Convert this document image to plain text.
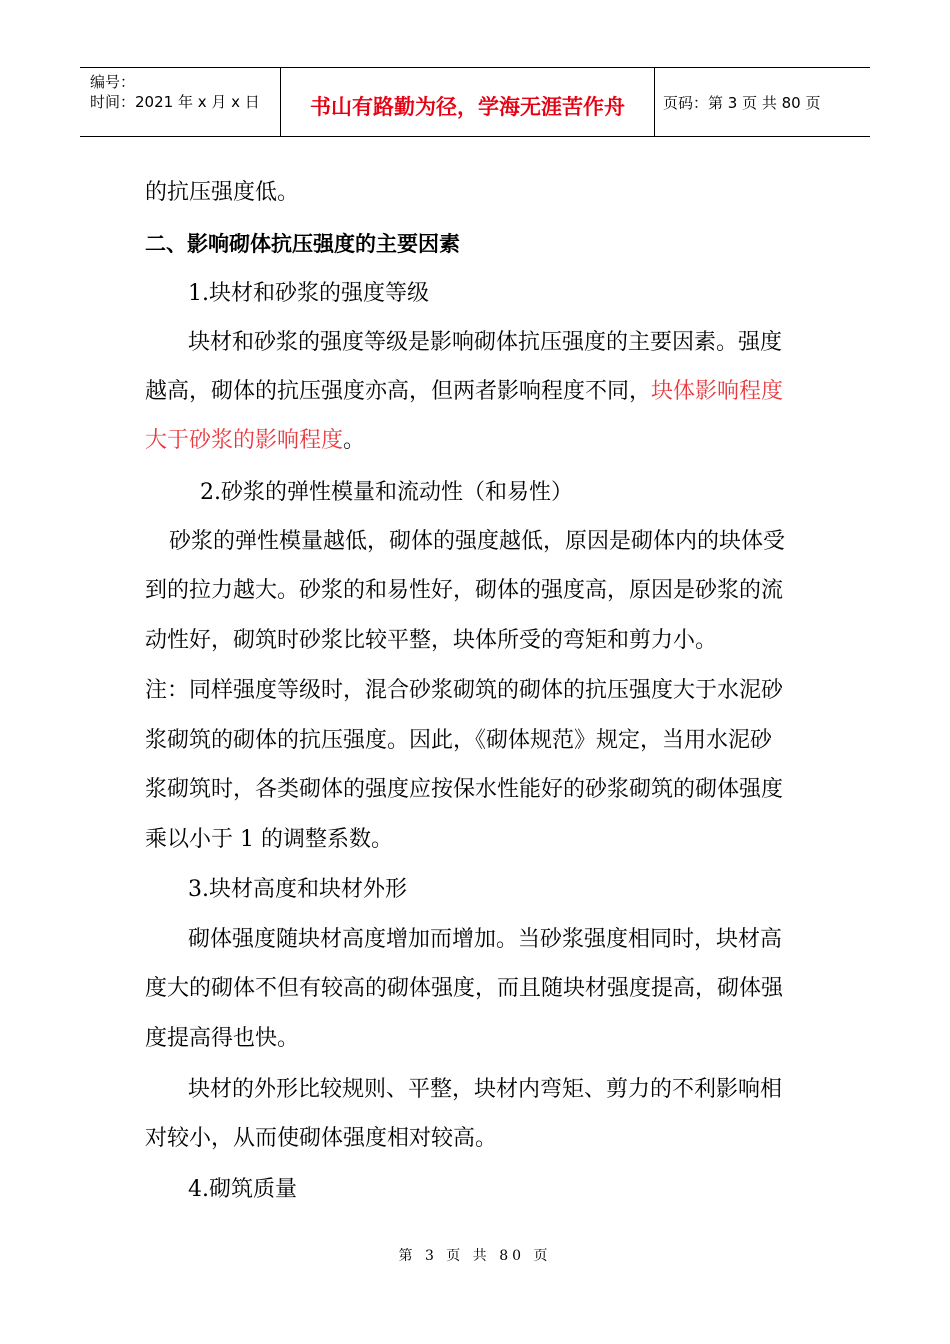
编号：
时间：2021 年 x 月 x 日	书山有路勤为径，学海无涯苦作舟	页码：第 3 页 共 80 页
的抗压强度低。
二、影响砌体抗压强度的主要因素
1.块材和砂浆的强度等级
块材和砂浆的强度等级是影响砌体抗压强度的主要因素。强度
越高，砌体的抗压强度亦高，但两者影响程度不同，块体影响程度
大于砂浆的影响程度。
2.砂浆的弹性模量和流动性（和易性）
砂浆的弹性模量越低，砌体的强度越低，原因是砌体内的块体受
到的拉力越大。砂浆的和易性好，砌体的强度高，原因是砂浆的流
动性好，砌筑时砂浆比较平整，块体所受的弯矩和剪力小。
注：同样强度等级时，混合砂浆砌筑的砌体的抗压强度大于水泥砂
浆砌筑的砌体的抗压强度。因此，《砌体规范》规定，当用水泥砂
浆砌筑时，各类砌体的强度应按保水性能好的砂浆砌筑的砌体强度
乘以小于 1 的调整系数。
3.块材高度和块材外形
砌体强度随块材高度增加而增加。当砂浆强度相同时，块材高
度大的砌体不但有较高的砌体强度，而且随块材强度提高，砌体强
度提高得也快。
块材的外形比较规则、平整，块材内弯矩、剪力的不利影响相
对较小，从而使砌体强度相对较高。
4.砌筑质量
第 3 页 共 80 页
